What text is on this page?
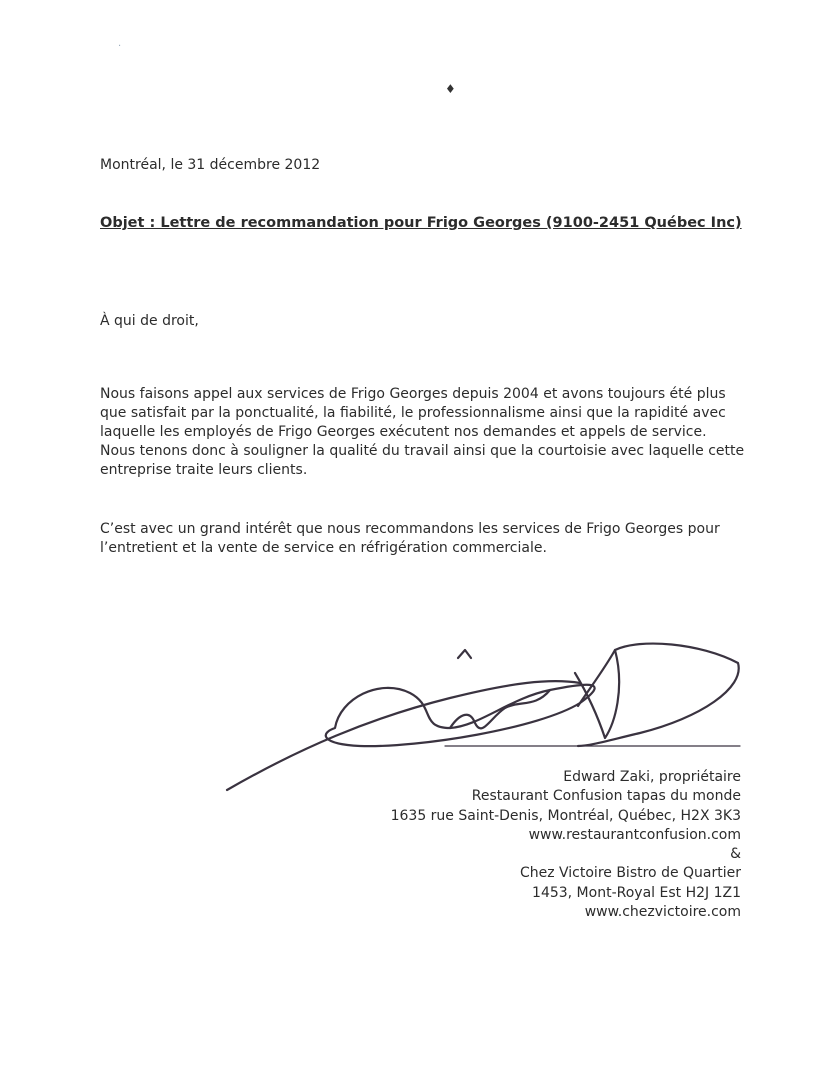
·
♦
Montréal, le 31 décembre 2012
Objet : Lettre de recommandation pour Frigo Georges (9100-2451 Québec Inc)
À qui de droit,
Nous faisons appel aux services de Frigo Georges depuis 2004 et avons toujours été plus
que satisfait par la ponctualité, la fiabilité, le professionnalisme ainsi que la rapidité avec
laquelle les employés de Frigo Georges exécutent nos demandes et appels de service.
Nous tenons donc à souligner la qualité du travail ainsi que la courtoisie avec laquelle cette
entreprise traite leurs clients.
C’est avec un grand intérêt que nous recommandons les services de Frigo Georges pour
l’entretient et la vente de service en réfrigération commerciale.
Edward Zaki, propriétaire
Restaurant Confusion tapas du monde
1635 rue Saint-Denis, Montréal, Québec, H2X 3K3
www.restaurantconfusion.com
&
Chez Victoire Bistro de Quartier
1453, Mont-Royal Est H2J 1Z1
www.chezvictoire.com
